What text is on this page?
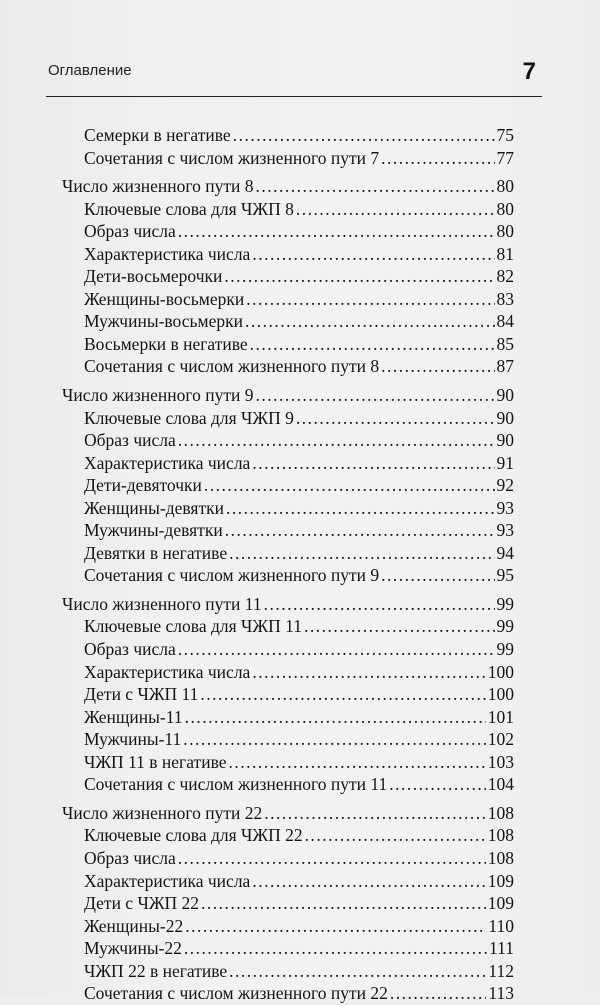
Оглавление	7
Семерки в негативе .....	75
Сочетания с числом жизненного пути 7 .....	77
Число жизненного пути 8 .....	80
Ключевые слова для ЧЖП 8 .....	80
Образ числа .....	80
Характеристика числа .....	81
Дети-восьмерочки .....	82
Женщины-восьмерки .....	83
Мужчины-восьмерки .....	84
Восьмерки в негативе .....	85
Сочетания с числом жизненного пути 8 .....	87
Число жизненного пути 9 .....	90
Ключевые слова для ЧЖП 9 .....	90
Образ числа .....	90
Характеристика числа .....	91
Дети-девяточки .....	92
Женщины-девятки .....	93
Мужчины-девятки .....	93
Девятки в негативе .....	94
Сочетания с числом жизненного пути 9 .....	95
Число жизненного пути 11 .....	99
Ключевые слова для ЧЖП 11 .....	99
Образ числа .....	99
Характеристика числа .....	100
Дети с ЧЖП 11 .....	100
Женщины-11 .....	101
Мужчины-11 .....	102
ЧЖП 11 в негативе .....	103
Сочетания с числом жизненного пути 11 .....	104
Число жизненного пути 22 .....	108
Ключевые слова для ЧЖП 22 .....	108
Образ числа .....	108
Характеристика числа .....	109
Дети с ЧЖП 22 .....	109
Женщины-22 .....	110
Мужчины-22 .....	111
ЧЖП 22 в негативе .....	112
Сочетания с числом жизненного пути 22 .....	113
